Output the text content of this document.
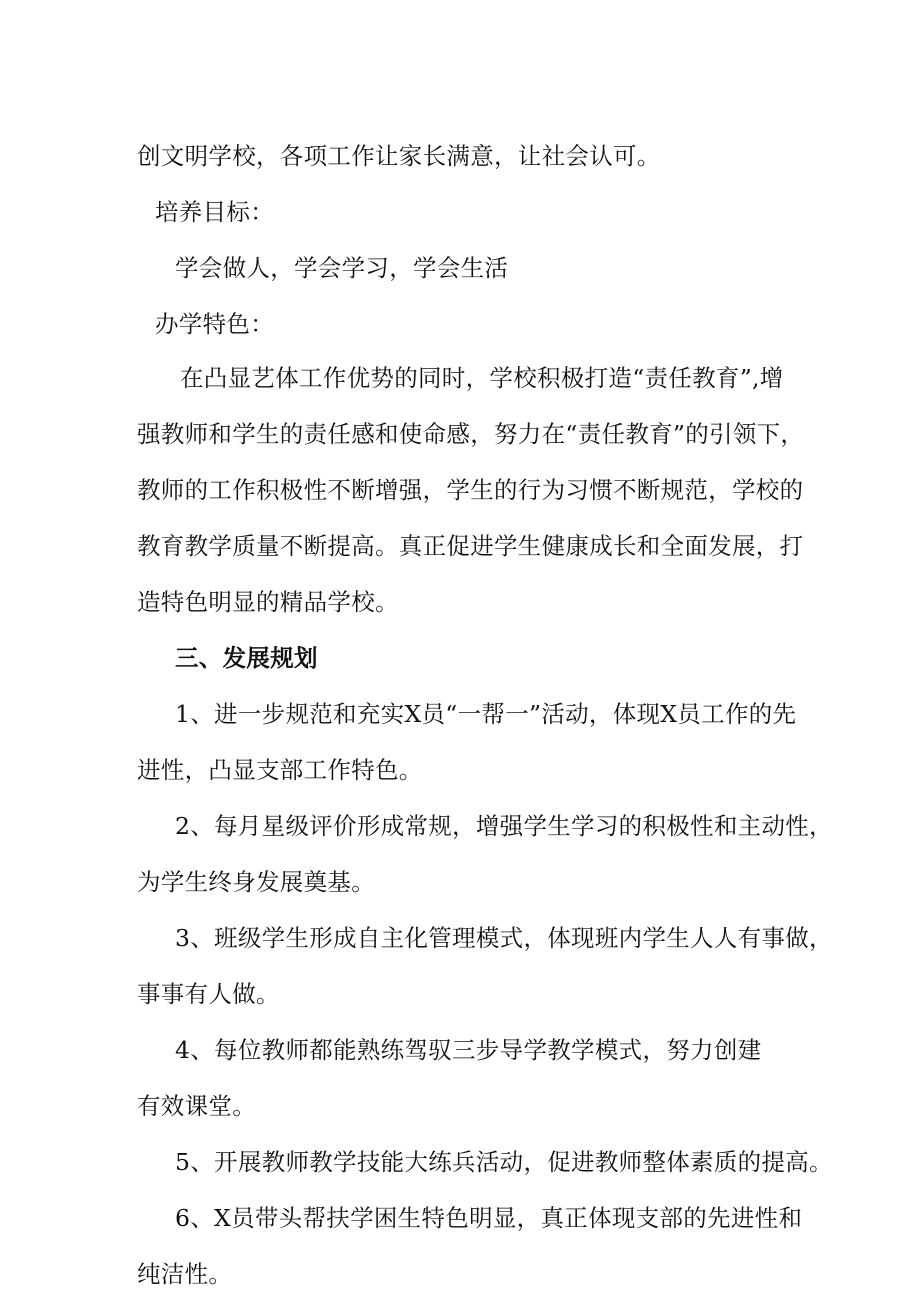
创文明学校，各项工作让家长满意，让社会认可。

培养目标：

学会做人，学会学习，学会生活

办学特色：

在凸显艺体工作优势的同时，学校积极打造“责任教育”,增

强教师和学生的责任感和使命感，努力在“责任教育”的引领下，

教师的工作积极性不断增强，学生的行为习惯不断规范，学校的

教育教学质量不断提高。真正促进学生健康成长和全面发展，打

造特色明显的精品学校。

三、发展规划

1、进一步规范和充实X员“一帮一”活动，体现X员工作的先

进性，凸显支部工作特色。

2、每月星级评价形成常规，增强学生学习的积极性和主动性，

为学生终身发展奠基。

3、班级学生形成自主化管理模式，体现班内学生人人有事做，

事事有人做。

4、每位教师都能熟练驾驭三步导学教学模式，努力创建

有效课堂。

5、开展教师教学技能大练兵活动，促进教师整体素质的提高。

6、X员带头帮扶学困生特色明显，真正体现支部的先进性和

纯洁性。
